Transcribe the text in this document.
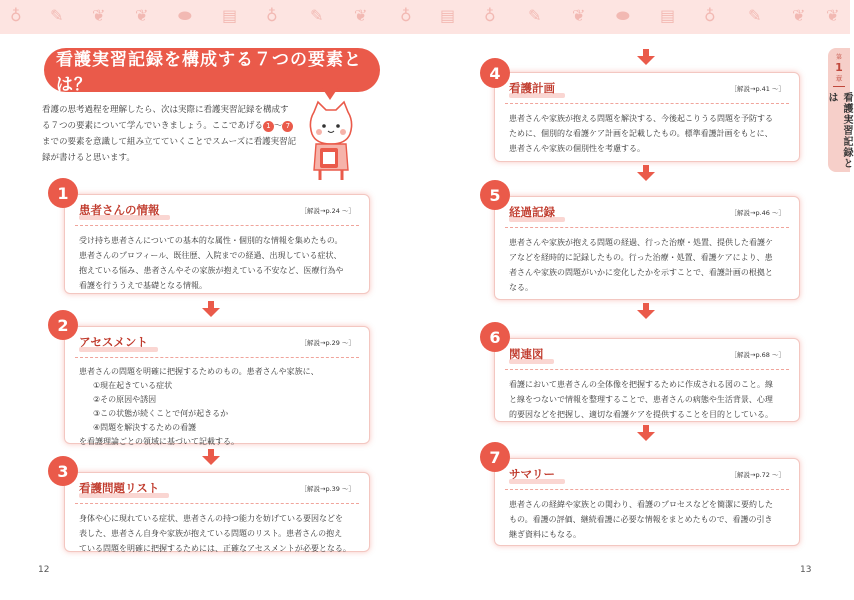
♁ ✎ ❦ ❦ ⬬ ▤ ♁ ✎ ❦ ♁ ▤ ♁ ✎ ❦ ⬬ ▤ ♁ ✎ ❦ ❦
第
1
章
看護実習記録とは
看護実習記録を構成する７つの要素とは？
看護の思考過程を理解したら、次は実際に看護実習記録を構成す
る７つの要素について学んでいきましょう。ここであげる 1 〜 7
までの要素を意識して組み立てていくことでスムーズに看護実習記
録が書けると思います。
患者さんの情報	［解説→p.24 〜］
受け持ち患者さんについての基本的な属性・個別的な情報を集めたもの。
患者さんのプロフィール、既往歴、入院までの経過、出現している症状、
抱えている悩み、患者さんやその家族が抱えている不安など、医療行為や
看護を行ううえで基礎となる情報。
1
アセスメント	［解説→p.29 〜］
患者さんの問題を明確に把握するためのもの。患者さんや家族に、
①現在起きている症状
②その原因や誘因
③この状態が続くことで何が起きるか
④問題を解決するための看護
を看護理論ごとの領域に基づいて記載する。
2
看護問題リスト	［解説→p.39 〜］
身体や心に現れている症状、患者さんの持つ能力を妨げている要因などを
表した、患者さん自身や家族が抱えている問題のリスト。患者さんの抱え
ている問題を明確に把握するためには、正確なアセスメントが必要となる。
3
看護計画	［解説→p.41 〜］
患者さんや家族が抱える問題を解決する、今後起こりうる問題を予防する
ために、個別的な看護ケア計画を記載したもの。標準看護計画をもとに、
患者さんや家族の個別性を考慮する。
4
経過記録	［解説→p.46 〜］
患者さんや家族が抱える問題の経過、行った治療・処置、提供した看護ケ
アなどを経時的に記録したもの。行った治療・処置、看護ケアにより、患
者さんや家族の問題がいかに変化したかを示すことで、看護計画の根拠と
なる。
5
関連図	［解説→p.68 〜］
看護において患者さんの全体像を把握するために作成される図のこと。線
と線をつないで情報を整理することで、患者さんの病態や生活背景、心理
的要因などを把握し、適切な看護ケアを提供することを目的としている。
6
サマリー	［解説→p.72 〜］
患者さんの経緯や家族との関わり、看護のプロセスなどを簡潔に要約した
もの。看護の評価、継続看護に必要な情報をまとめたもので、看護の引き
継ぎ資料にもなる。
7
12	13
